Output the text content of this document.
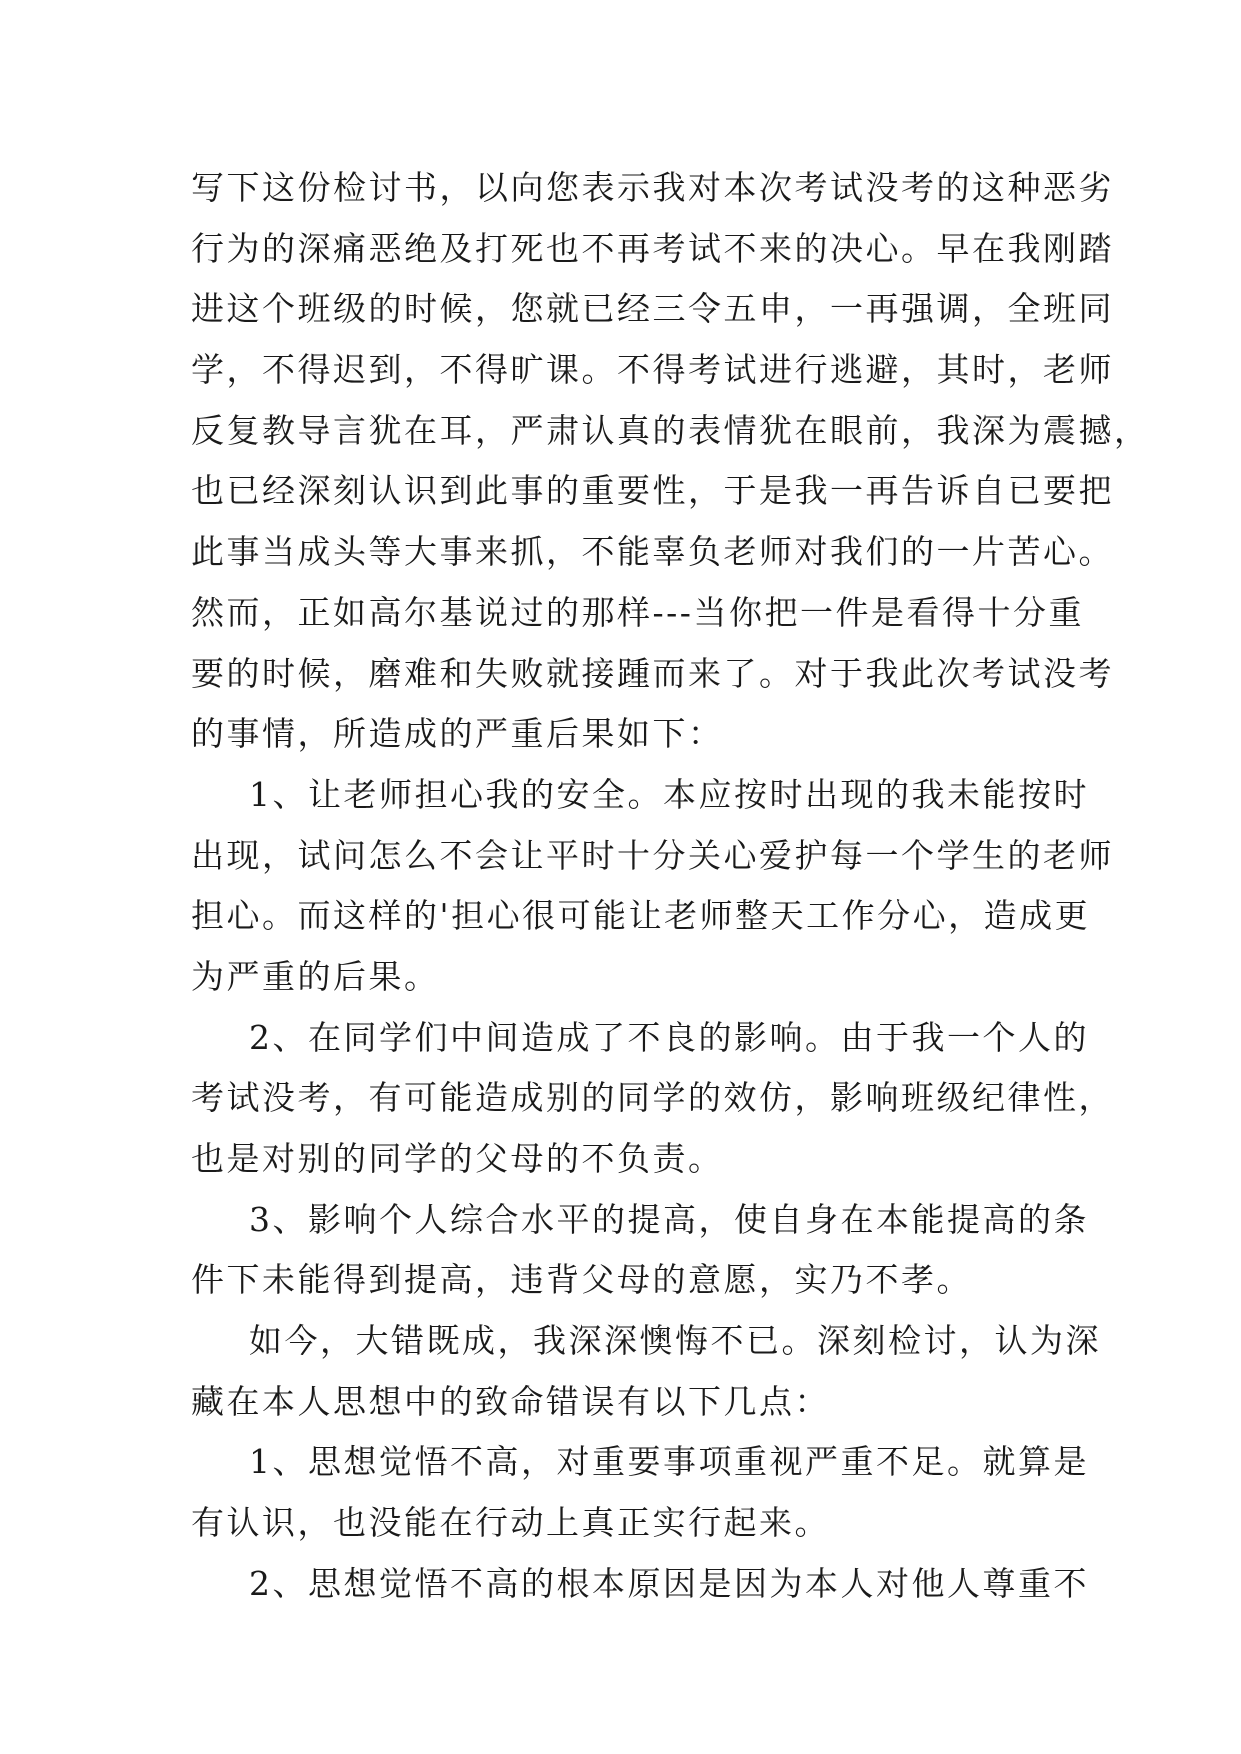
写下这份检讨书，以向您表示我对本次考试没考的这种恶劣
行为的深痛恶绝及打死也不再考试不来的决心。早在我刚踏
进这个班级的时候，您就已经三令五申，一再强调，全班同
学，不得迟到，不得旷课。不得考试进行逃避，其时，老师
反复教导言犹在耳，严肃认真的表情犹在眼前，我深为震撼，
也已经深刻认识到此事的重要性，于是我一再告诉自已要把
此事当成头等大事来抓，不能辜负老师对我们的一片苦心。
然而，正如高尔基说过的那样---当你把一件是看得十分重
要的时候，磨难和失败就接踵而来了。对于我此次考试没考
的事情，所造成的严重后果如下：
1、让老师担心我的安全。本应按时出现的我未能按时
出现，试问怎么不会让平时十分关心爱护每一个学生的老师
担心。而这样的'担心很可能让老师整天工作分心，造成更
为严重的后果。
2、在同学们中间造成了不良的影响。由于我一个人的
考试没考，有可能造成别的同学的效仿，影响班级纪律性，
也是对别的同学的父母的不负责。
3、影响个人综合水平的提高，使自身在本能提高的条
件下未能得到提高，违背父母的意愿，实乃不孝。
如今，大错既成，我深深懊悔不已。深刻检讨，认为深
藏在本人思想中的致命错误有以下几点：
1、思想觉悟不高，对重要事项重视严重不足。就算是
有认识，也没能在行动上真正实行起来。
2、思想觉悟不高的根本原因是因为本人对他人尊重不
